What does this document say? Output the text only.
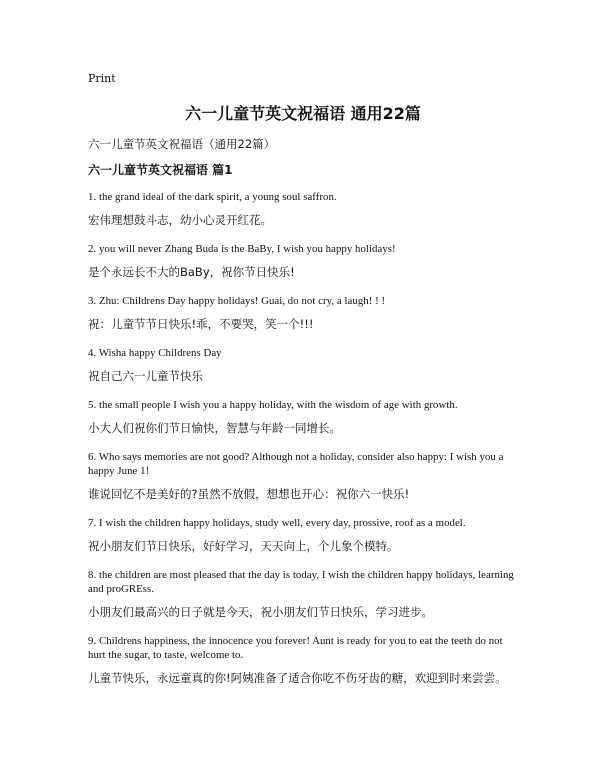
Print
六一儿童节英文祝福语 通用22篇
六一儿童节英文祝福语（通用22篇）
六一儿童节英文祝福语 篇1

1. the grand ideal of the dark spirit, a young soul saffron.

宏伟理想鼓斗志，幼小心灵开红花。

2. you will never Zhang Buda is the BaBy, I wish you happy holidays!

是个永远长不大的BaBy，祝你节日快乐!

3. Zhu: Childrens Day happy holidays! Guai, do not cry, a laugh! ! !

祝：儿童节节日快乐!乖，不要哭，笑一个!!!

4. Wisha happy Childrens Day

祝自己六一儿童节快乐

5. the small people I wish you a happy holiday, with the wisdom of age with growth.

小大人们祝你们节日愉快，智慧与年龄一同增长。

6. Who says memories are not good? Although not a holiday, consider also happy: I wish you a happy June 1!

谁说回忆不是美好的?虽然不放假，想想也开心：祝你六一快乐!

7. I wish the children happy holidays, study well, every day, prossive, roof as a model.

祝小朋友们节日快乐，好好学习，天天向上，个儿象个模特。

8. the children are most pleased that the day is today, I wish the children happy holidays, learning and proGREss.

小朋友们最高兴的日子就是今天，祝小朋友们节日快乐，学习进步。

9. Childrens happiness, the innocence you forever! Aunt is ready for you to eat the teeth do not hurt the sugar, to taste, welcome to.

儿童节快乐，永远童真的你!阿姨准备了适合你吃不伤牙齿的糖，欢迎到时来尝尝。
